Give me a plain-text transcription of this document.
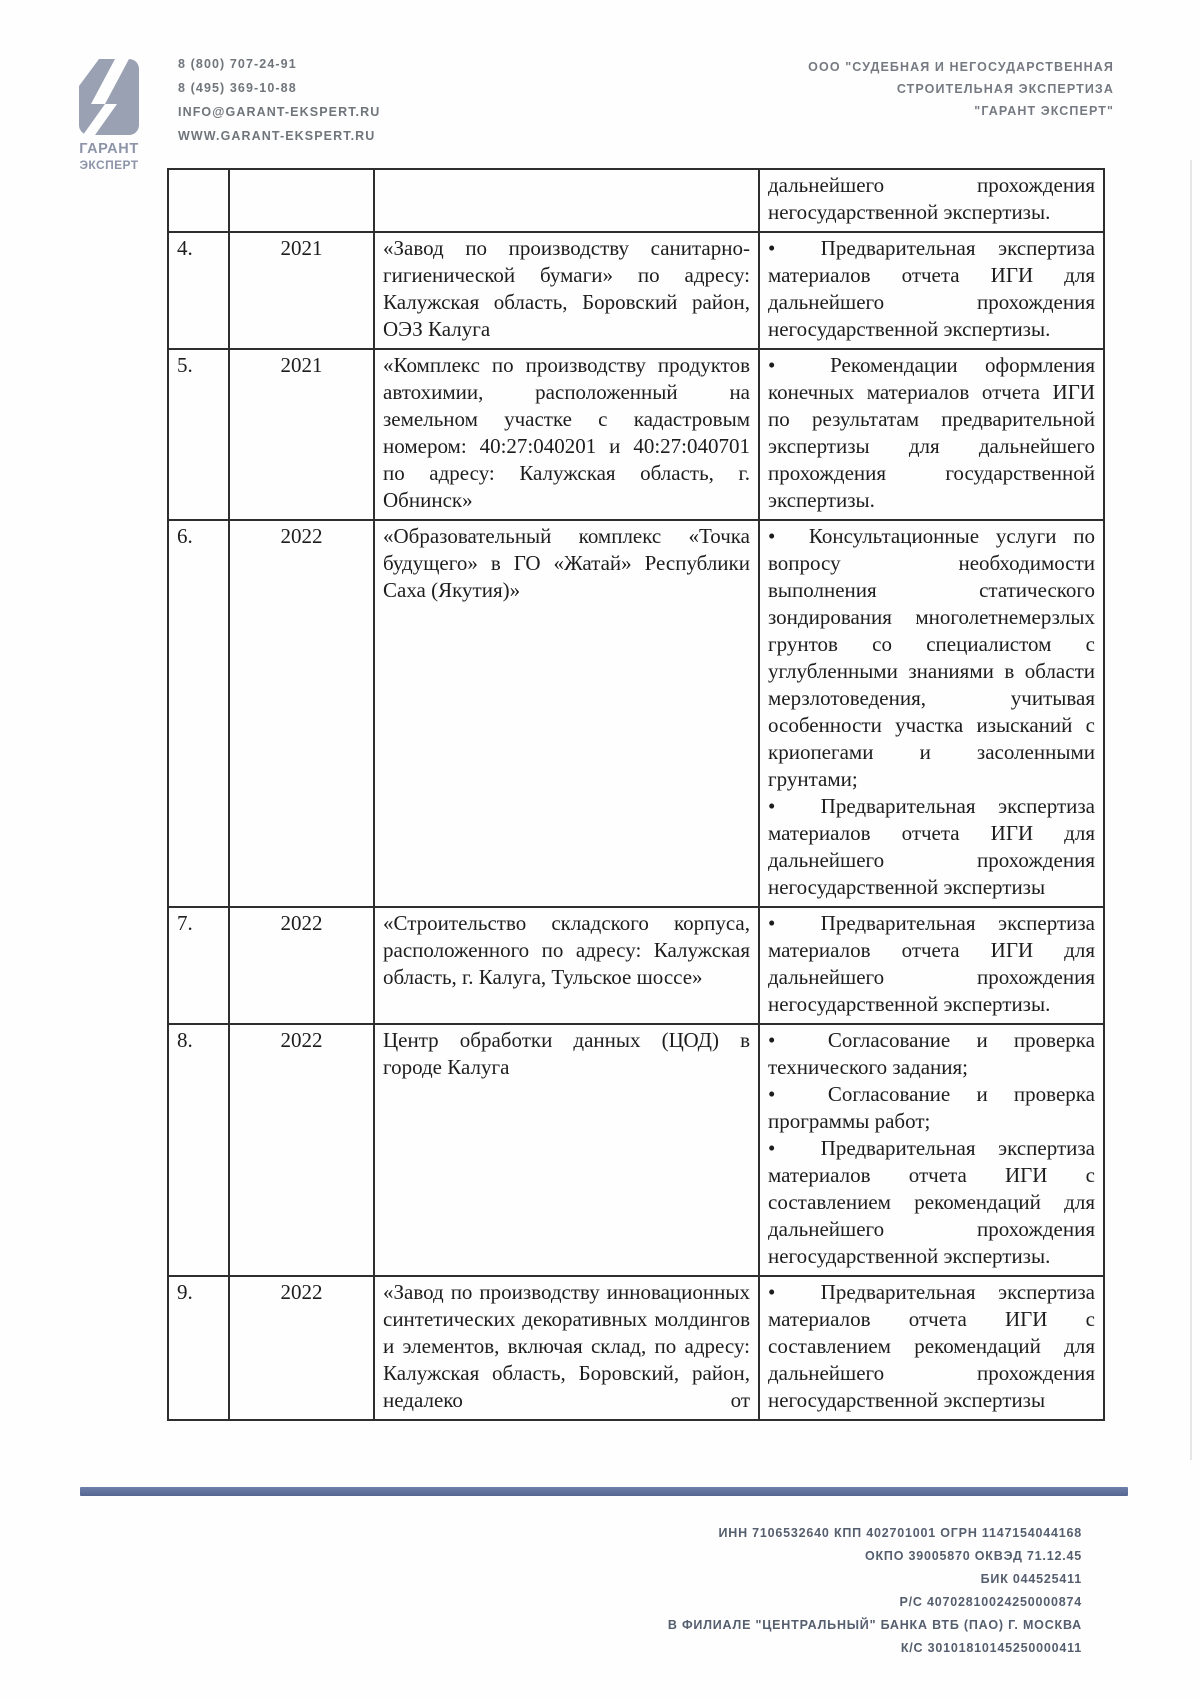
ГАРАНТ
ЭКСПЕРТ
8 (800) 707-24-91
8 (495) 369-10-88
INFO@GARANT-EKSPERT.RU
WWW.GARANT-EKSPERT.RU
ООО "СУДЕБНАЯ И НЕГОСУДАРСТВЕННАЯ
СТРОИТЕЛЬНАЯ ЭКСПЕРТИЗА
"ГАРАНТ ЭКСПЕРТ"

			дальнейшего прохождения негосударственной экспертизы.

4.	2021	«Завод по производству санитарно-гигиенической бумаги» по адресу: Калужская область, Боровский район, ОЭЗ Калуга	•  Предварительная экспертиза материалов отчета ИГИ для дальнейшего прохождения негосударственной экспертизы.

5.	2021	«Комплекс по производству продуктов автохимии, расположенный на земельном участке с кадастровым номером: 40:27:040201 и 40:27:040701 по адресу: Калужская область, г. Обнинск»	•  Рекомендации оформления конечных материалов отчета ИГИ по результатам предварительной экспертизы для дальнейшего прохождения государственной экспертизы.

6.	2022	«Образовательный комплекс «Точка будущего» в ГО «Жатай» Республики Саха (Якутия)»	•  Консультационные услуги по вопросу необходимости выполнения статического зондирования многолетнемерзлых грунтов со специалистом с углубленными знаниями в области мерзлотоведения, учитывая особенности участка изысканий с криопегами и засоленными грунтами;
•  Предварительная экспертиза материалов отчета ИГИ для дальнейшего прохождения негосударственной экспертизы

7.	2022	«Строительство складского корпуса, расположенного по адресу: Калужская область, г. Калуга, Тульское шоссе»	•  Предварительная экспертиза материалов отчета ИГИ для дальнейшего прохождения негосударственной экспертизы.

8.	2022	Центр обработки данных (ЦОД) в городе Калуга	•  Согласование и проверка технического задания;
•  Согласование и проверка программы работ;
•  Предварительная экспертиза материалов отчета ИГИ с составлением рекомендаций для дальнейшего прохождения негосударственной экспертизы.

9.	2022	«Завод по производству инновационных синтетических декоративных молдингов и элементов, включая склад, по адресу: Калужская область, Боровский, район, недалеко от	•  Предварительная экспертиза материалов отчета ИГИ с составлением рекомендаций для дальнейшего прохождения негосударственной экспертизы
ИНН 7106532640 КПП 402701001 ОГРН 1147154044168
ОКПО 39005870 ОКВЭД 71.12.45
БИК 044525411
Р/С 40702810024250000874
В ФИЛИАЛЕ "ЦЕНТРАЛЬНЫЙ" БАНКА ВТБ (ПАО) Г. МОСКВА
К/С 30101810145250000411
